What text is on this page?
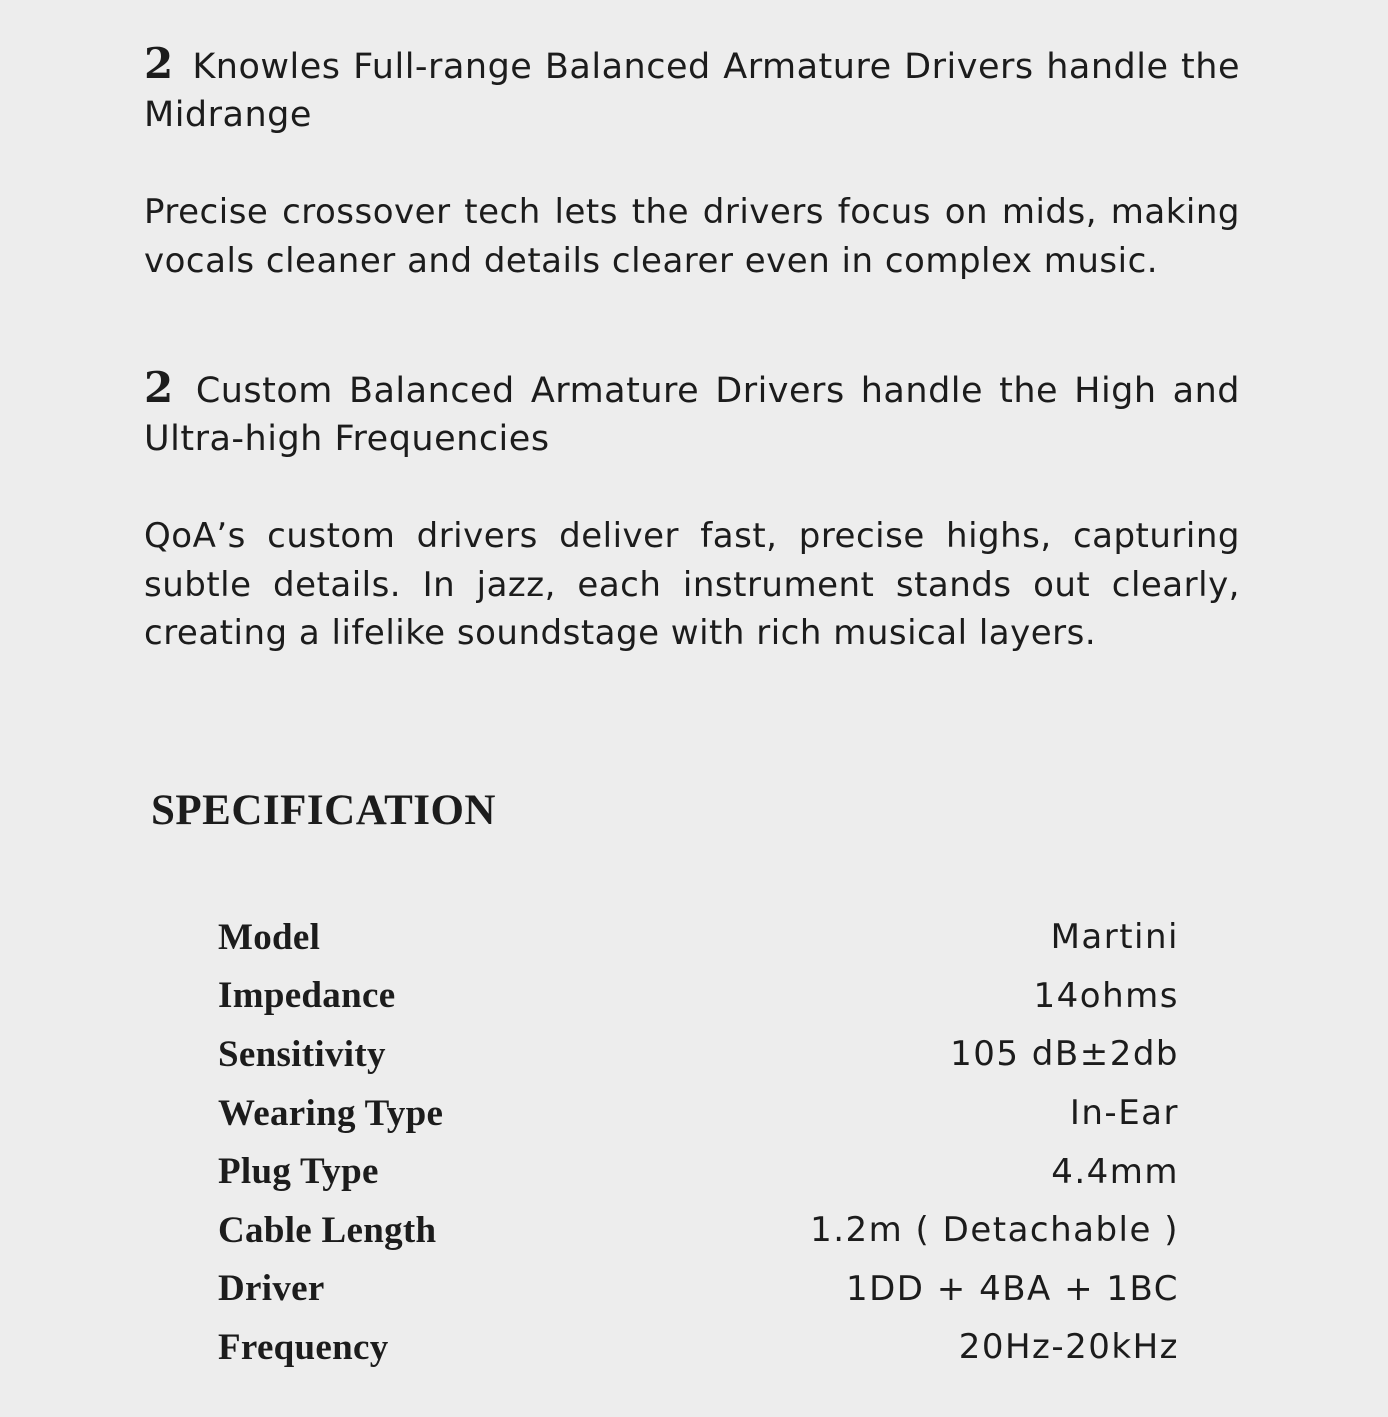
2 Knowles Full-range Balanced Armature Drivers handle the Midrange

Precise crossover tech lets the drivers focus on mids, making vocals cleaner and details clearer even in complex music.

2 Custom Balanced Armature Drivers handle the High and Ultra-high Frequencies

QoA’s custom drivers deliver fast, precise highs, capturing subtle details. In jazz, each instrument stands out clearly, creating a lifelike soundstage with rich musical layers.

SPECIFICATION
Model	Martini
Impedance	14ohms
Sensitivity	105 dB±2db
Wearing Type	In-Ear
Plug Type	4.4mm
Cable Length	1.2m ( Detachable )
Driver	1DD + 4BA + 1BC
Frequency	20Hz-20kHz
